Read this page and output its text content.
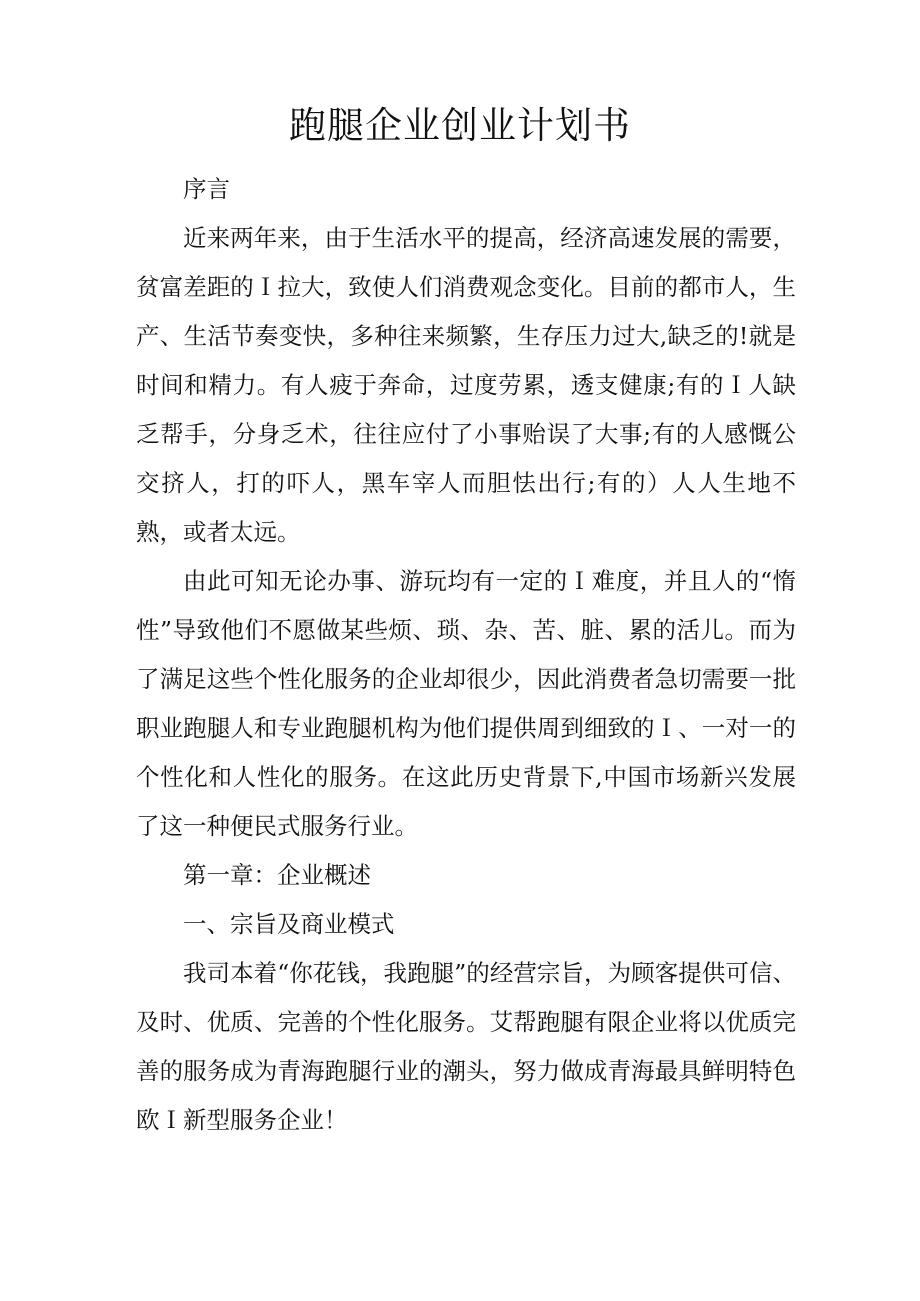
跑腿企业创业计划书

序言

近来两年来，由于生活水平的提高，经济高速发展的需要，贫富差距的Ｉ拉大，致使人们消费观念变化。目前的都市人，生产、生活节奏变快，多种往来频繁，生存压力过大,缺乏的!就是时间和精力。有人疲于奔命，过度劳累，透支健康;有的Ｉ人缺乏帮手，分身乏术，往往应付了小事贻误了大事;有的人感慨公交挤人，打的吓人，黑车宰人而胆怯出行;有的）人人生地不熟，或者太远。

由此可知无论办事、游玩均有一定的Ｉ难度，并且人的“惰性”导致他们不愿做某些烦、琐、杂、苦、脏、累的活儿。而为了满足这些个性化服务的企业却很少，因此消费者急切需要一批职业跑腿人和专业跑腿机构为他们提供周到细致的Ｉ、一对一的个性化和人性化的服务。在这此历史背景下,中国市场新兴发展了这一种便民式服务行业。

第一章：企业概述

一、宗旨及商业模式

我司本着“你花钱，我跑腿”的经营宗旨，为顾客提供可信、及时、优质、完善的个性化服务。艾帮跑腿有限企业将以优质完善的服务成为青海跑腿行业的潮头，努力做成青海最具鲜明特色欧Ｉ新型服务企业！
